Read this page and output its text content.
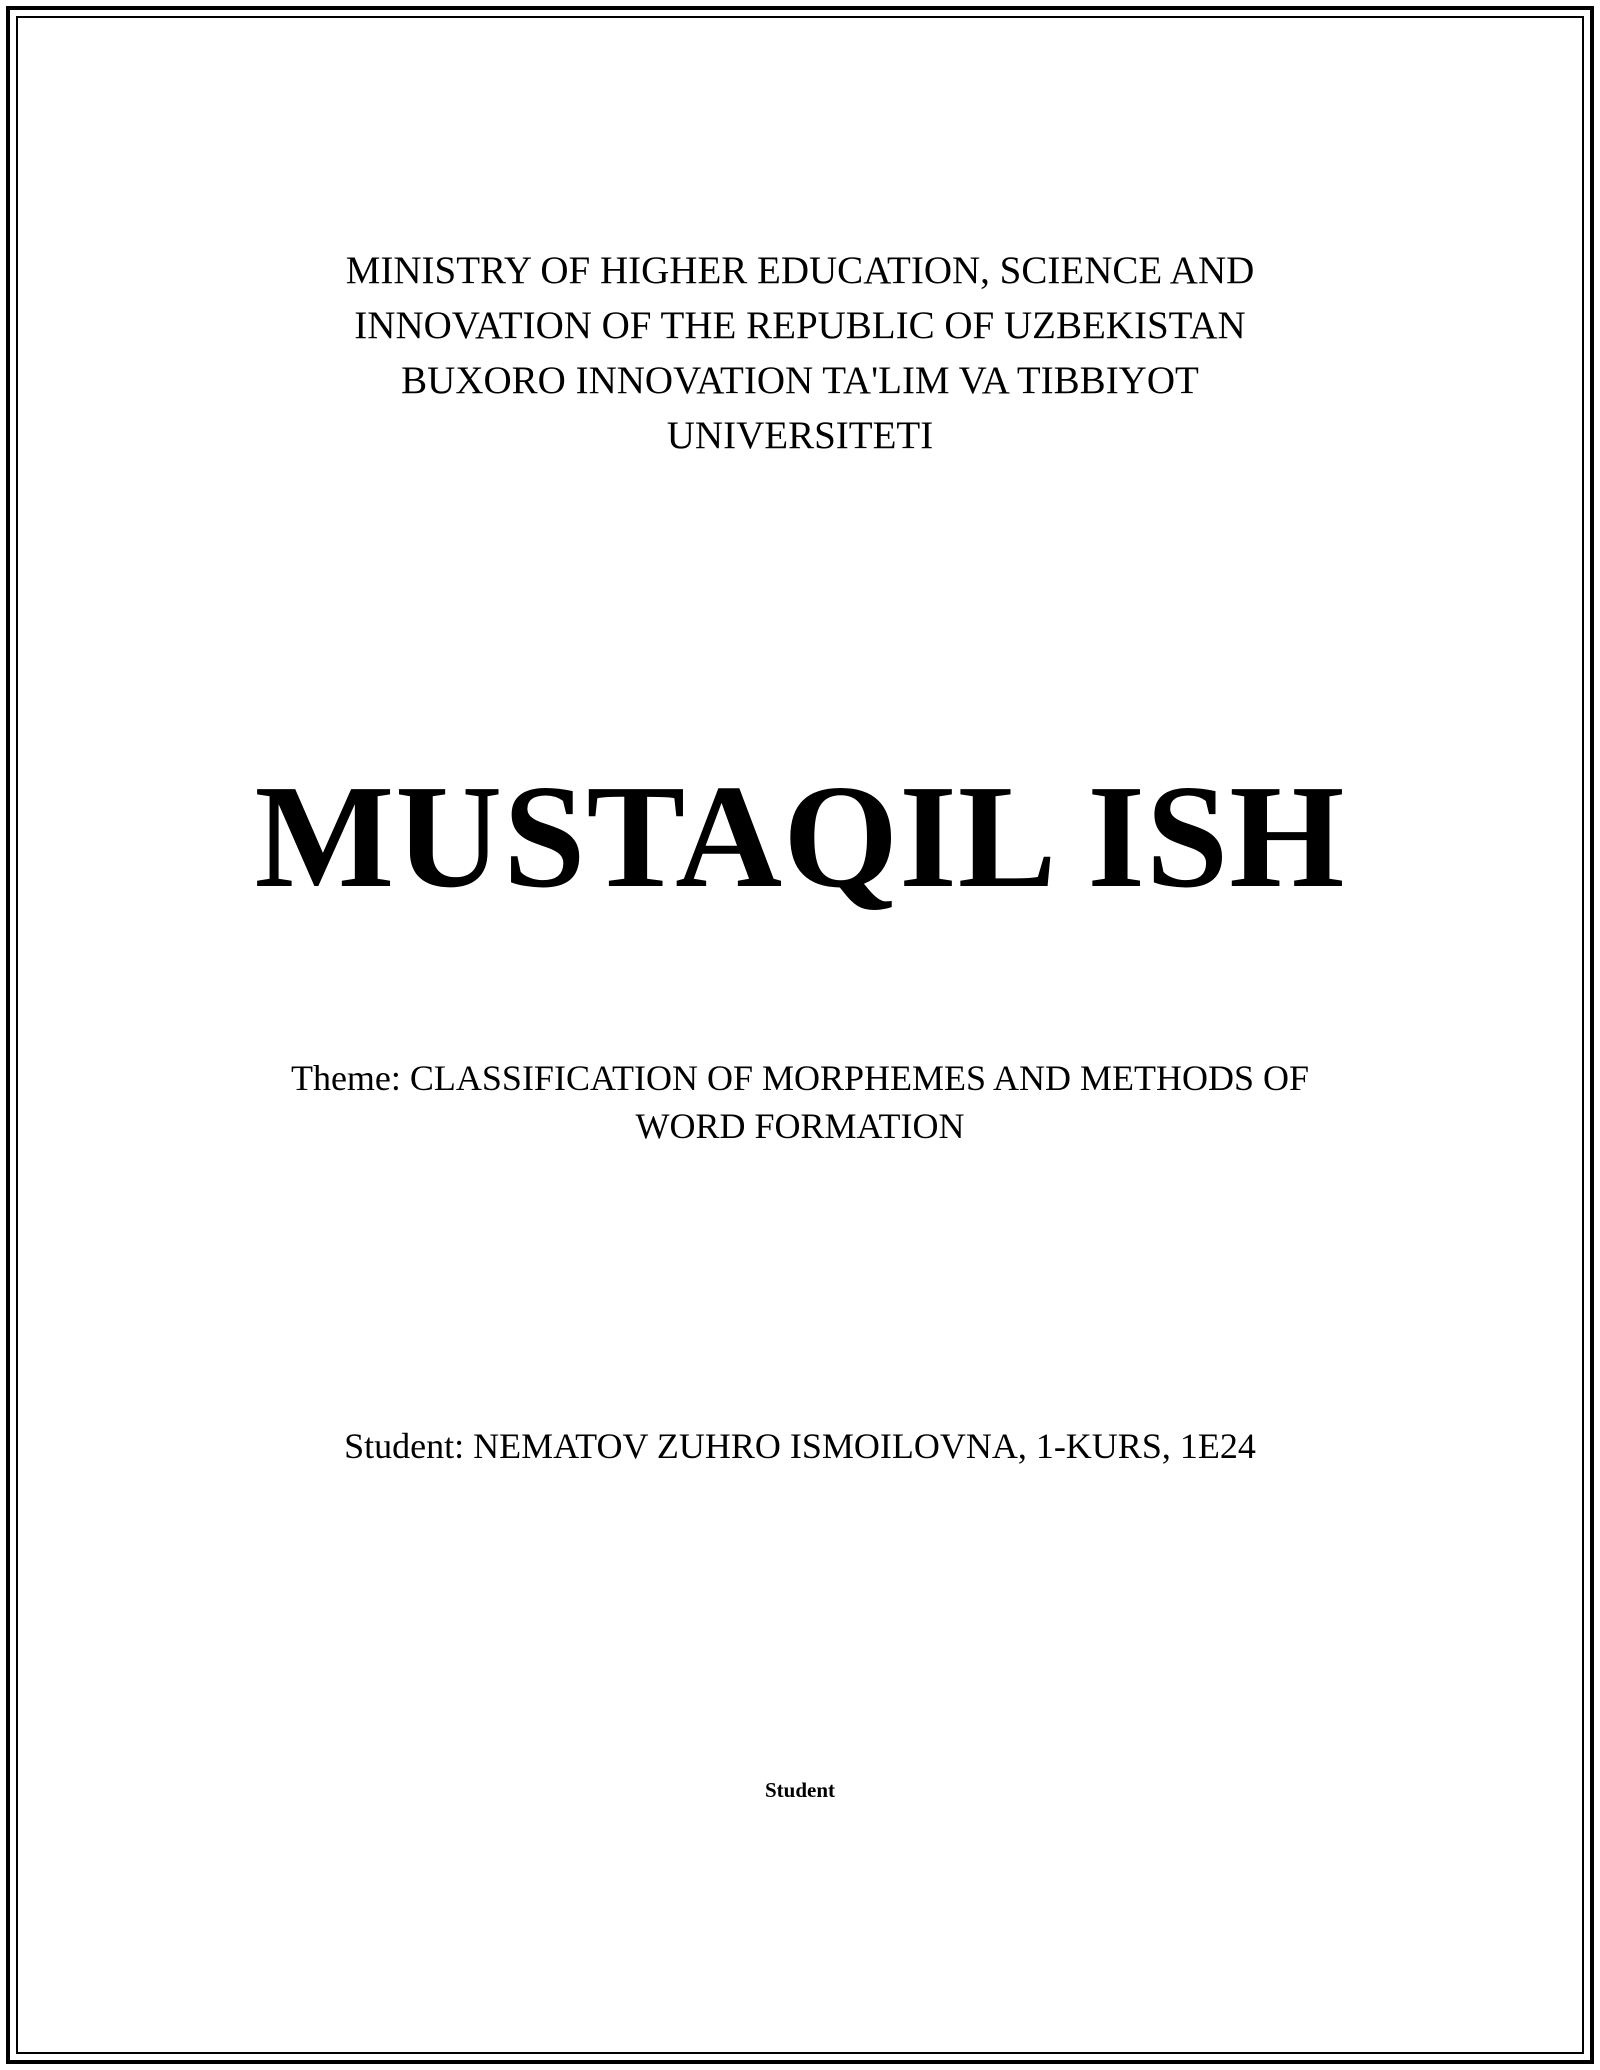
MINISTRY OF HIGHER EDUCATION, SCIENCE AND
INNOVATION OF THE REPUBLIC OF UZBEKISTAN
BUXORO INNOVATION TA'LIM VA TIBBIYOT
UNIVERSITETI
MUSTAQIL ISH
Theme: CLASSIFICATION OF MORPHEMES AND METHODS OF
WORD FORMATION
Student: NEMATOV ZUHRO ISMOILOVNA, 1-KURS, 1E24
Student
